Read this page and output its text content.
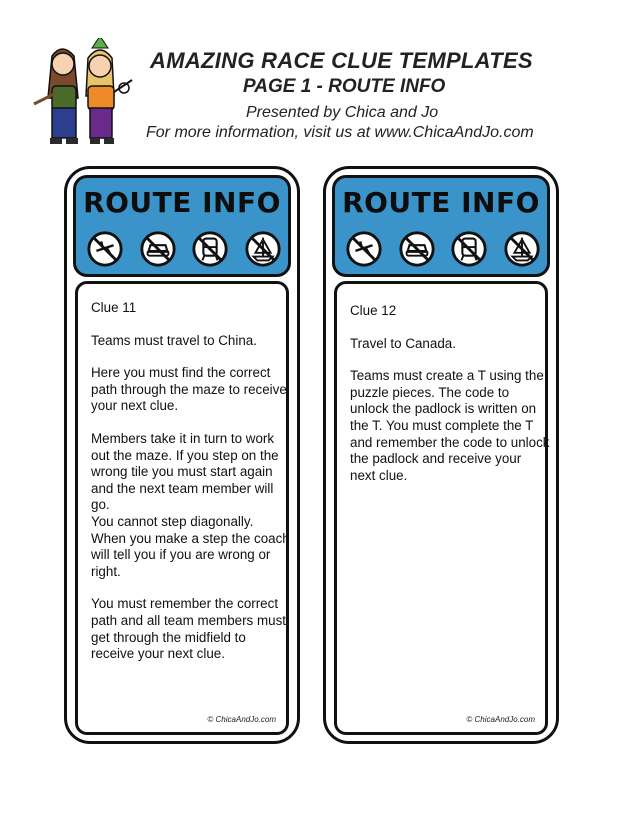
AMAZING RACE CLUE TEMPLATES
PAGE 1 - ROUTE INFO
Presented by Chica and Jo
For more information, visit us at www.ChicaAndJo.com
ROUTE INFO
© ChicaAndJo.com

Clue 11

Teams must travel to China.

Here you must find the correct path through the maze to receive your next clue.

Members take it in turn to work out the maze. If you step on the wrong tile you must start again and the next team member will go.
You cannot step diagonally. When you make a step the coach will tell you if you are wrong or right.

You must remember the correct path and all team members must get through the midfield to receive your next clue.

ROUTE INFO
© ChicaAndJo.com

Clue 12

Travel to Canada.

Teams must create a T using the puzzle pieces. The code to unlock the padlock is written on the T. You must complete the T and remember the code to unlock the padlock and receive your next clue.
